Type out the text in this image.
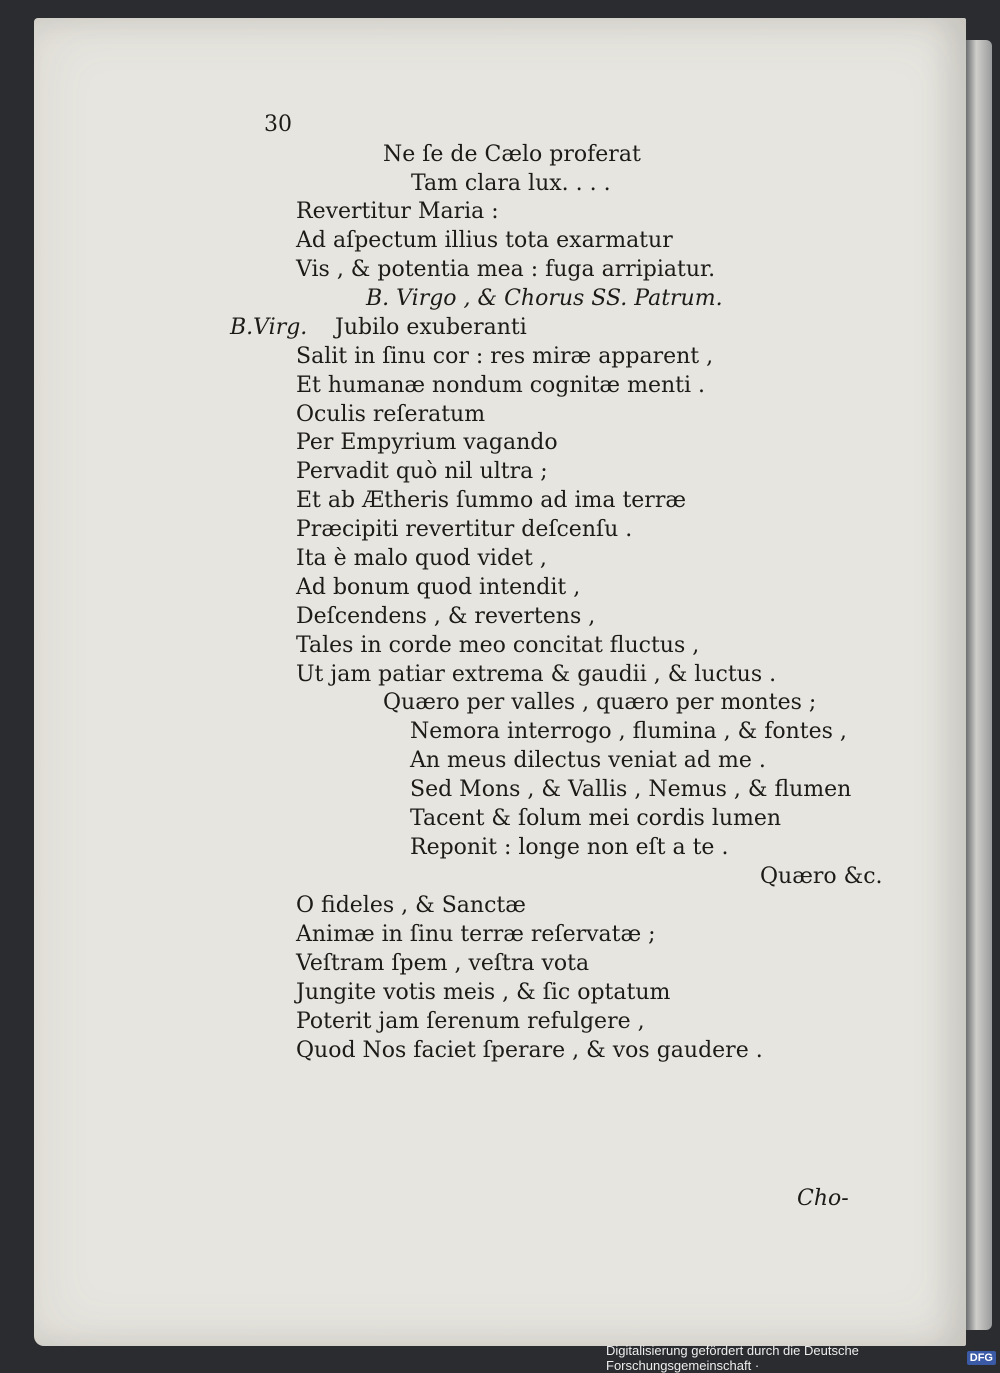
30
Ne ſe de Cælo proferat
Tam clara lux. . . .
Revertitur Maria :
Ad aſpectum illius tota exarmatur
Vis , & potentia mea : fuga arripiatur.
B. Virgo , & Chorus SS. Patrum.
B.Virg. Jubilo exuberanti
Salit in ſinu cor : res miræ apparent ,
Et humanæ nondum cognitæ menti .
Oculis reſeratum
Per Empyrium vagando
Pervadit quò nil ultra ;
Et ab Ætheris ſummo ad ima terræ
Præcipiti revertitur deſcenſu .
Ita è malo quod videt ,
Ad bonum quod intendit ,
Deſcendens , & revertens ,
Tales in corde meo concitat fluctus ,
Ut jam patiar extrema & gaudii , & luctus .
Quæro per valles , quæro per montes ;
Nemora interrogo , flumina , & fontes ,
An meus dilectus veniat ad me .
Sed Mons , & Vallis , Nemus , & flumen
Tacent & ſolum mei cordis lumen
Reponit : longe non eſt a te .
Quæro &c.
O fideles , & Sanctæ
Animæ in ſinu terræ reſervatæ ;
Veſtram ſpem , veſtra vota
Jungite votis meis , & ſic optatum
Poterit jam ſerenum refulgere ,
Quod Nos faciet ſperare , & vos gaudere .
Cho-
Digitalisierung gefördert durch die Deutsche Forschungsgemeinschaft ·	DFG
